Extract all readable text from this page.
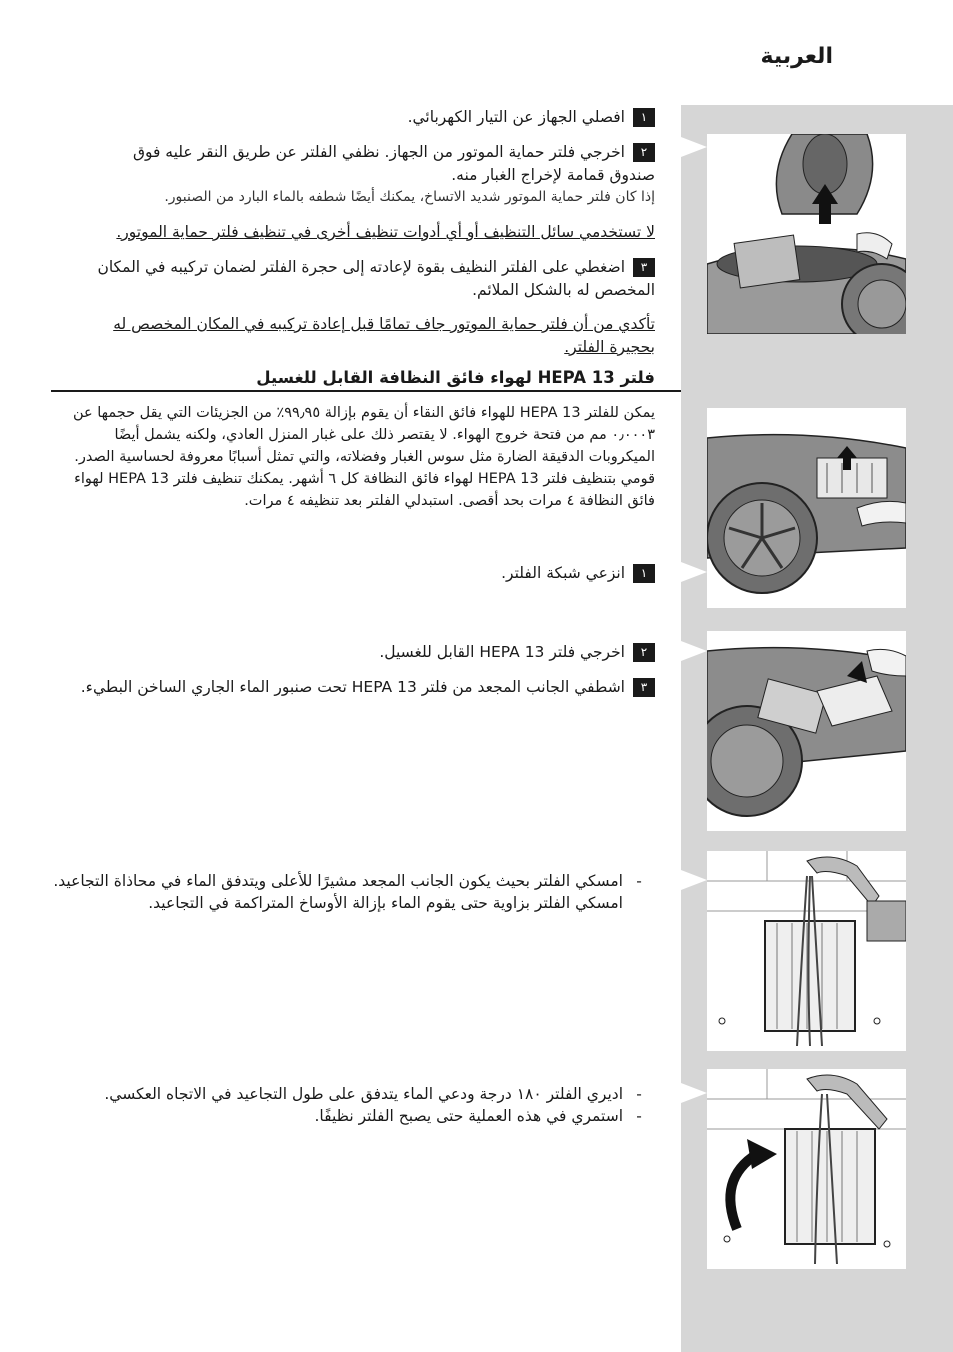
العربية
١افصلي الجهاز عن التيار الكهربائي.
٢اخرجي فلتر حماية الموتور من الجهاز. نظفي الفلتر عن طريق النقر عليه فوق صندوق قمامة لإخراج الغبار منه.
إذا كان فلتر حماية الموتور شديد الاتساخ، يمكنك أيضًا شطفه بالماء البارد من الصنبور.
لا تستخدمي سائل التنظيف أو أي أدوات تنظيف أخرى في تنظيف فلتر حماية الموتور.
٣اضغطي على الفلتر النظيف بقوة لإعادته إلى حجرة الفلتر لضمان تركيبه في المكان المخصص له بالشكل الملائم.
تأكدي من أن فلتر حماية الموتور جاف تمامًا قبل إعادة تركيبه في المكان المخصص له بحجيرة الفلتر.
فلتر HEPA 13 لهواء فائق النظافة القابل للغسيل
يمكن للفلتر HEPA 13 للهواء فائق النقاء أن يقوم بإزالة ٩٩٫٩٥٪ من الجزيئات التي يقل حجمها عن ٠٫٠٠٠٣ مم من فتحة خروج الهواء. لا يقتصر ذلك على غبار المنزل العادي، ولكنه يشمل أيضًا الميكروبات الدقيقة الضارة مثل سوس الغبار وفضلاته، والتي تمثل أسبابًا معروفة لحساسية الصدر. قومي بتنظيف فلتر HEPA 13 لهواء فائق النظافة كل ٦ أشهر. يمكنك تنظيف فلتر HEPA 13 لهواء فائق النظافة ٤ مرات بحد أقصى. استبدلي الفلتر بعد تنظيفه ٤ مرات.
١انزعي شبكة الفلتر.
٢اخرجي فلتر HEPA 13 القابل للغسيل.
٣اشطفي الجانب المجعد من فلتر HEPA 13 تحت صنبور الماء الجاري الساخن البطيء.
-امسكي الفلتر بحيث يكون الجانب المجعد مشيرًا للأعلى ويتدفق الماء في محاذاة التجاعيد.
امسكي الفلتر بزاوية حتى يقوم الماء بإزالة الأوساخ المتراكمة في التجاعيد.
-اديري الفلتر ١٨٠ درجة ودعي الماء يتدفق على طول التجاعيد في الاتجاه العكسي.
-استمري في هذه العملية حتى يصبح الفلتر نظيفًا.
